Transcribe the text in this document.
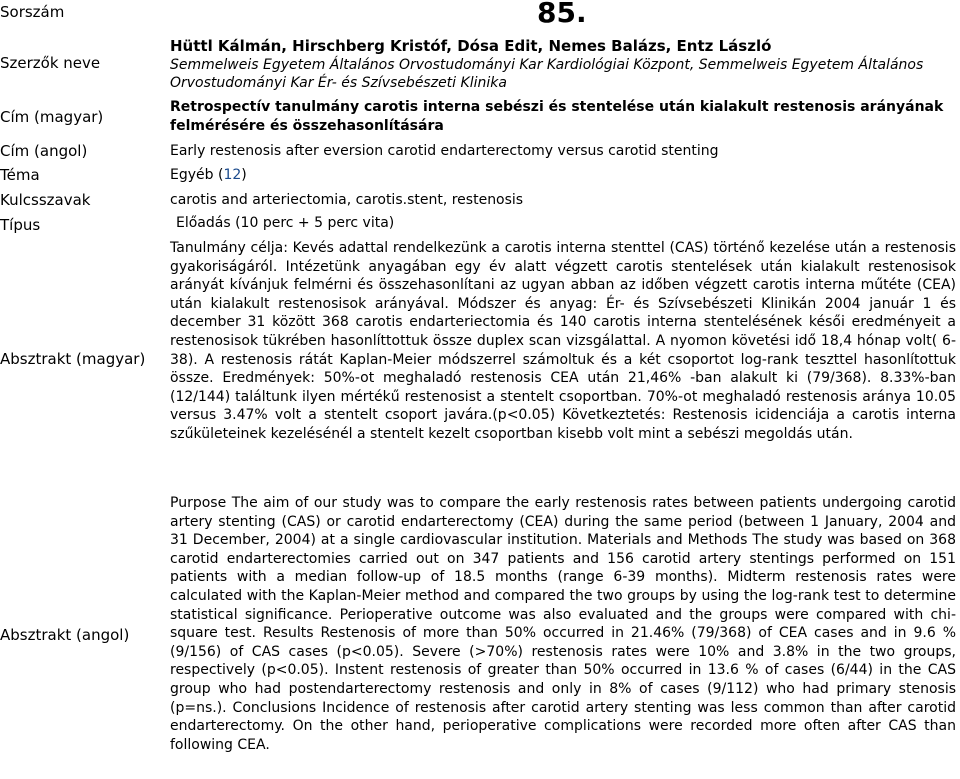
Sorszám
Szerzők neve
Cím (magyar)
Cím (angol)
Téma
Kulcsszavak
Típus
Absztrakt (magyar)
Absztrakt (angol)
85.
Hüttl Kálmán, Hirschberg Kristóf, Dósa Edit, Nemes Balázs, Entz László
Semmelweis Egyetem Általános Orvostudományi Kar Kardiológiai Központ, Semmelweis Egyetem Általános Orvostudományi Kar Ér- és Szívsebészeti Klinika
Retrospectív tanulmány carotis interna sebészi és stentelése után kialakult restenosis arányának felmérésére és összehasonlítására
Early restenosis after eversion carotid endarterectomy versus carotid stenting
Egyéb (12)
carotis and arteriectomia, carotis.stent, restenosis
Előadás (10 perc + 5 perc vita)

Tanulmány célja: Kevés adattal rendelkezünk a carotis interna stenttel (CAS) történő kezelése után a restenosis gyakoriságáról. Intézetünk anyagában egy év alatt végzett carotis stentelések után kialakult restenosisok arányát kívánjuk felmérni és összehasonlítani az ugyan abban az időben végzett carotis interna műtéte (CEA) után kialakult restenosisok arányával. Módszer és anyag: Ér- és Szívsebészeti Klinikán 2004 január 1 és december 31 között 368 carotis endarteriectomia és 140 carotis interna stentelésének késői eredményeit a restenosisok tükrében hasonlíttottuk össze duplex scan vizsgálattal. A nyomon követési idő 18,4 hónap volt( 6-38). A restenosis rátát Kaplan-Meier módszerrel számoltuk és a két csoportot log-rank teszttel hasonlítottuk össze. Eredmények: 50%-ot meghaladó restenosis CEA után 21,46% -ban alakult ki (79/368). 8.33%-ban (12/144) találtunk ilyen mértékű restenosist a stentelt csoportban. 70%-ot meghaladó restenosis aránya 10.05 versus 3.47% volt a stentelt csoport javára.(p<0.05) Következtetés: Restenosis icidenciája a carotis interna szűkületeinek kezelésénél a stentelt kezelt csoportban kisebb volt mint a sebészi megoldás után.

Purpose The aim of our study was to compare the early restenosis rates between patients undergoing carotid artery stenting (CAS) or carotid endarterectomy (CEA) during the same period (between 1 January, 2004 and 31 December, 2004) at a single cardiovascular institution. Materials and Methods The study was based on 368 carotid endarterectomies carried out on 347 patients and 156 carotid artery stentings performed on 151 patients with a median follow-up of 18.5 months (range 6-39 months). Midterm restenosis rates were calculated with the Kaplan-Meier method and compared the two groups by using the log-rank test to determine statistical significance. Perioperative outcome was also evaluated and the groups were compared with chi-square test. Results Restenosis of more than 50% occurred in 21.46% (79/368) of CEA cases and in 9.6 % (9/156) of CAS cases (p<0.05). Severe (>70%) restenosis rates were 10% and 3.8% in the two groups, respectively (p<0.05). Instent restenosis of greater than 50% occurred in 13.6 % of cases (6/44) in the CAS group who had postendarterectomy restenosis and only in 8% of cases (9/112) who had primary stenosis (p=ns.). Conclusions Incidence of restenosis after carotid artery stenting was less common than after carotid endarterectomy. On the other hand, perioperative complications were recorded more often after CAS than following CEA.
